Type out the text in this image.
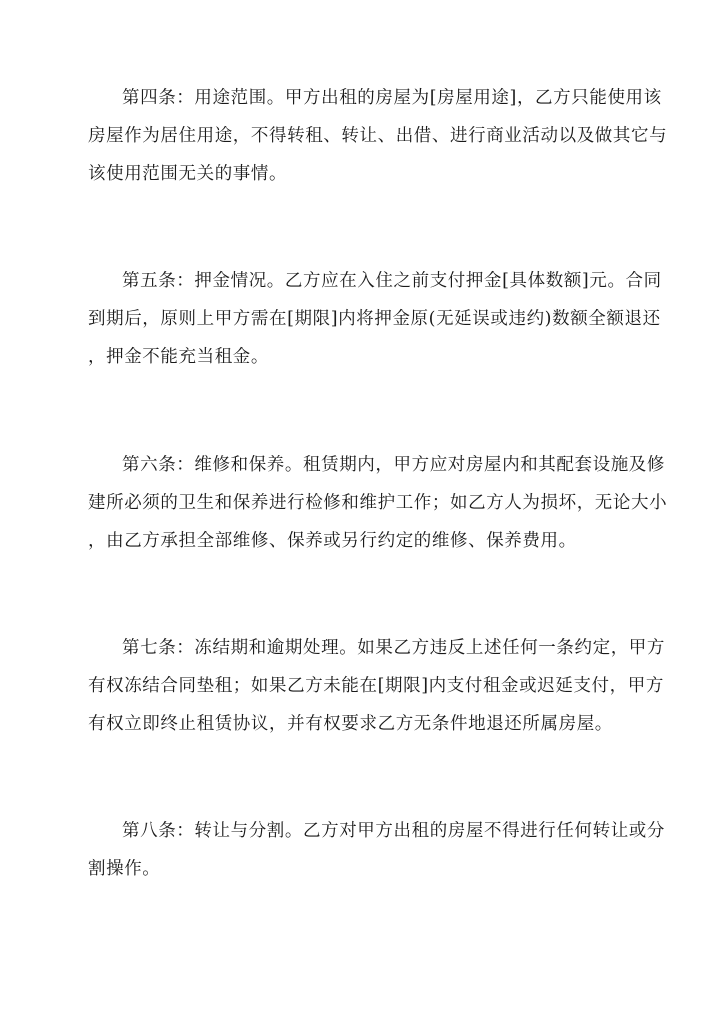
第四条：用途范围。甲方出租的房屋为[房屋用途]，乙方只能使用该
房屋作为居住用途，不得转租、转让、出借、进行商业活动以及做其它与
该使用范围无关的事情。
第五条：押金情况。乙方应在入住之前支付押金[具体数额]元。合同
到期后，原则上甲方需在[期限]内将押金原(无延误或违约)数额全额退还
，押金不能充当租金。
第六条：维修和保养。租赁期内，甲方应对房屋内和其配套设施及修
建所必须的卫生和保养进行检修和维护工作；如乙方人为损坏，无论大小
，由乙方承担全部维修、保养或另行约定的维修、保养费用。
第七条：冻结期和逾期处理。如果乙方违反上述任何一条约定，甲方
有权冻结合同垫租；如果乙方未能在[期限]内支付租金或迟延支付，甲方
有权立即终止租赁协议，并有权要求乙方无条件地退还所属房屋。
第八条：转让与分割。乙方对甲方出租的房屋不得进行任何转让或分
割操作。
